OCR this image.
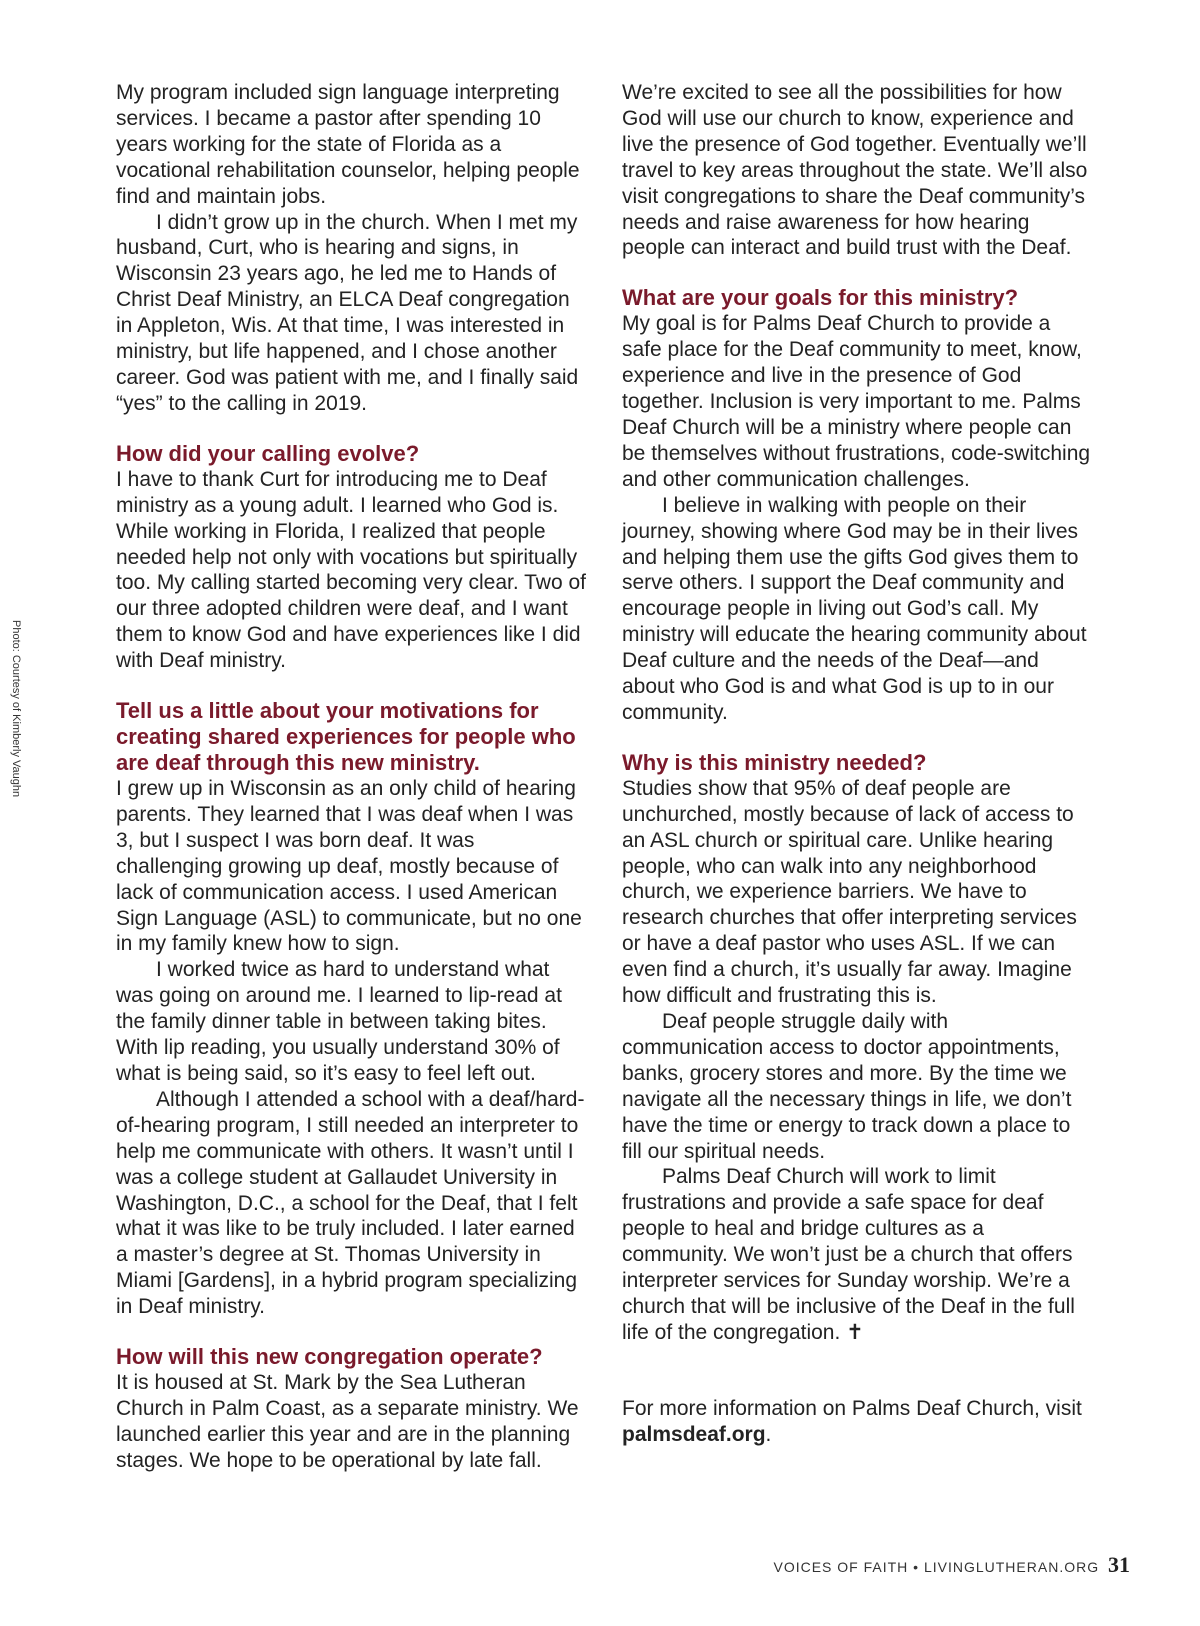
Photo: Courtesy of Kimberly Vaughn

My program included sign language interpreting services. I became a pastor after spending 10 years working for the state of Florida as a vocational rehabilitation counselor, helping people find and maintain jobs.

I didn’t grow up in the church. When I met my husband, Curt, who is hearing and signs, in Wisconsin 23 years ago, he led me to Hands of Christ Deaf Ministry, an ELCA Deaf congregation in Appleton, Wis. At that time, I was interested in ministry, but life happened, and I chose another career. God was patient with me, and I finally said “yes” to the calling in 2019.

How did your calling evolve?

I have to thank Curt for introducing me to Deaf ministry as a young adult. I learned who God is. While working in Florida, I realized that people needed help not only with vocations but spiritually too. My calling started becoming very clear. Two of our three adopted children were deaf, and I want them to know God and have experiences like I did with Deaf ministry.

Tell us a little about your motivations for creating shared experiences for people who are deaf through this new ministry.

I grew up in Wisconsin as an only child of hearing parents. They learned that I was deaf when I was 3, but I suspect I was born deaf. It was challenging growing up deaf, mostly because of lack of communication access. I used American Sign Language (ASL) to communicate, but no one in my family knew how to sign.

I worked twice as hard to understand what was going on around me. I learned to lip-read at the family dinner table in between taking bites. With lip reading, you usually understand 30% of what is being said, so it’s easy to feel left out.

Although I attended a school with a deaf/hard-of-hearing program, I still needed an interpreter to help me communicate with others. It wasn’t until I was a college student at Gallaudet University in Washington, D.C., a school for the Deaf, that I felt what it was like to be truly included. I later earned a master’s degree at St. Thomas University in Miami [Gardens], in a hybrid program specializing in Deaf ministry.

How will this new congregation operate?

It is housed at St. Mark by the Sea Lutheran Church in Palm Coast, as a separate ministry. We launched earlier this year and are in the planning stages. We hope to be operational by late fall.

We’re excited to see all the possibilities for how God will use our church to know, experience and live the presence of God together. Eventually we’ll travel to key areas throughout the state. We’ll also visit congregations to share the Deaf community’s needs and raise awareness for how hearing people can interact and build trust with the Deaf.

What are your goals for this ministry?

My goal is for Palms Deaf Church to provide a safe place for the Deaf community to meet, know, experience and live in the presence of God together. Inclusion is very important to me. Palms Deaf Church will be a ministry where people can be themselves without frustrations, code-switching and other communication challenges.

I believe in walking with people on their journey, showing where God may be in their lives and helping them use the gifts God gives them to serve others. I support the Deaf community and encourage people in living out God’s call. My ministry will educate the hearing community about Deaf culture and the needs of the Deaf—and about who God is and what God is up to in our community.

Why is this ministry needed?

Studies show that 95% of deaf people are unchurched, mostly because of lack of access to an ASL church or spiritual care. Unlike hearing people, who can walk into any neighborhood church, we experience barriers. We have to research churches that offer interpreting services or have a deaf pastor who uses ASL. If we can even find a church, it’s usually far away. Imagine how difficult and frustrating this is.

Deaf people struggle daily with communication access to doctor appointments, banks, grocery stores and more. By the time we navigate all the necessary things in life, we don’t have the time or energy to track down a place to fill our spiritual needs.

Palms Deaf Church will work to limit frustrations and provide a safe space for deaf people to heal and bridge cultures as a community. We won’t just be a church that offers interpreter services for Sunday worship. We’re a church that will be inclusive of the Deaf in the full life of the congregation. ✝

For more information on Palms Deaf Church, visit palmsdeaf.org.

VOICES OF FAITH • LIVINGLUTHERAN.ORG 31
